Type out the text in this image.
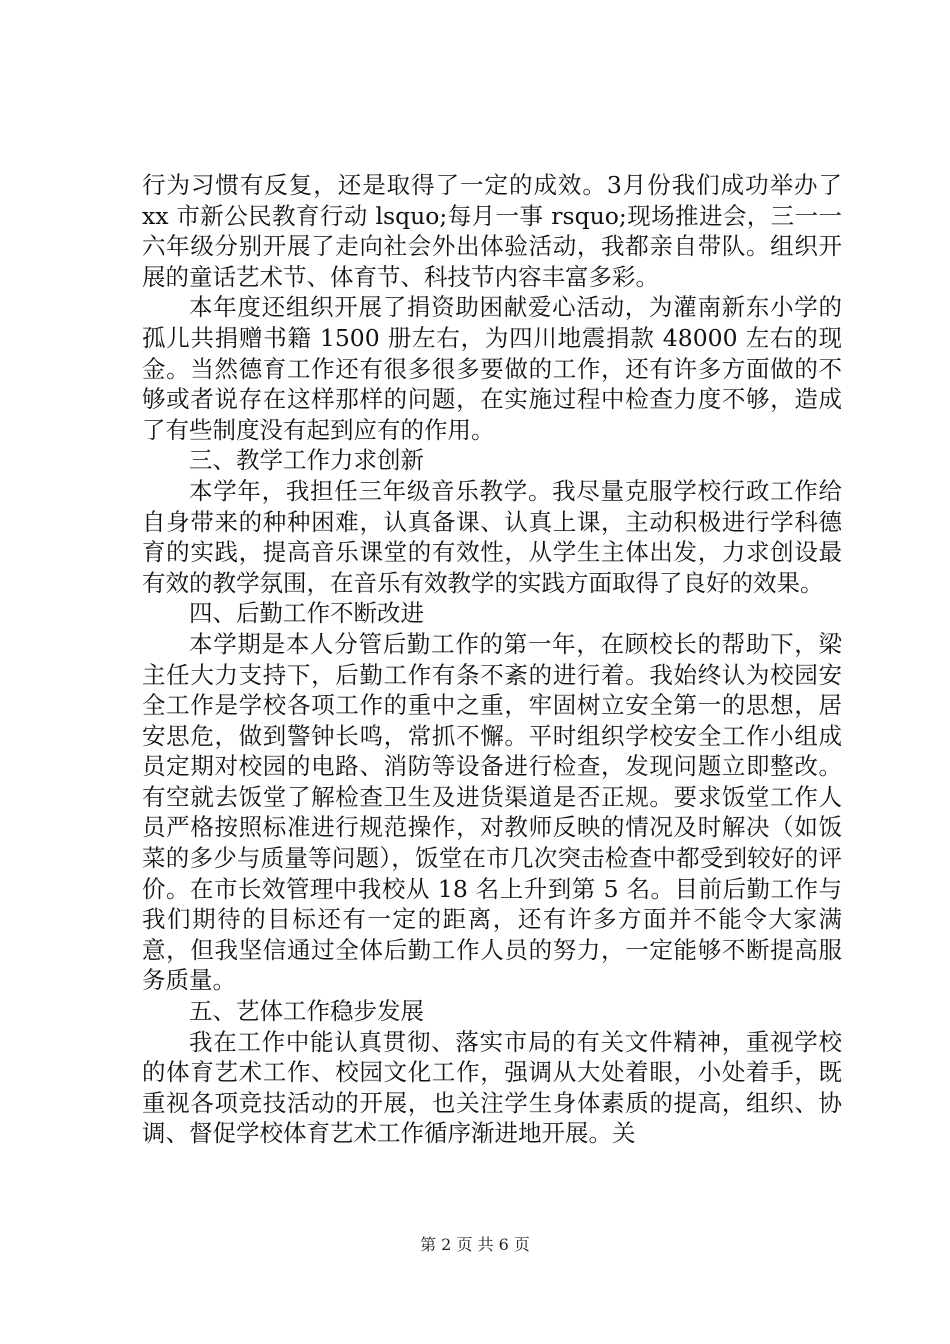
行为习惯有反复，还是取得了一定的成效。3月份我们成功举办了 xx 市新公民教育行动 lsquo;每月一事 rsquo;现场推进会，三一一六年级分别开展了走向社会外出体验活动，我都亲自带队。组织开展的童话艺术节、体育节、科技节内容丰富多彩。

本年度还组织开展了捐资助困献爱心活动，为灌南新东小学的孤儿共捐赠书籍 1500 册左右，为四川地震捐款 48000 左右的现金。当然德育工作还有很多很多要做的工作，还有许多方面做的不够或者说存在这样那样的问题，在实施过程中检查力度不够，造成了有些制度没有起到应有的作用。

三、教学工作力求创新

本学年，我担任三年级音乐教学。我尽量克服学校行政工作给自身带来的种种困难，认真备课、认真上课，主动积极进行学科德育的实践，提高音乐课堂的有效性，从学生主体出发，力求创设最有效的教学氛围，在音乐有效教学的实践方面取得了良好的效果。

四、后勤工作不断改进

本学期是本人分管后勤工作的第一年，在顾校长的帮助下，梁主任大力支持下，后勤工作有条不紊的进行着。我始终认为校园安全工作是学校各项工作的重中之重，牢固树立安全第一的思想，居安思危，做到警钟长鸣，常抓不懈。平时组织学校安全工作小组成员定期对校园的电路、消防等设备进行检查，发现问题立即整改。有空就去饭堂了解检查卫生及进货渠道是否正规。要求饭堂工作人员严格按照标准进行规范操作，对教师反映的情况及时解决（如饭菜的多少与质量等问题），饭堂在市几次突击检查中都受到较好的评价。在市长效管理中我校从 18 名上升到第 5 名。目前后勤工作与我们期待的目标还有一定的距离，还有许多方面并不能令大家满意，但我坚信通过全体后勤工作人员的努力，一定能够不断提高服务质量。

五、艺体工作稳步发展

我在工作中能认真贯彻、落实市局的有关文件精神，重视学校的体育艺术工作、校园文化工作，强调从大处着眼，小处着手，既重视各项竞技活动的开展，也关注学生身体素质的提高，组织、协调、督促学校体育艺术工作循序渐进地开展。关

第 2 页 共 6 页
